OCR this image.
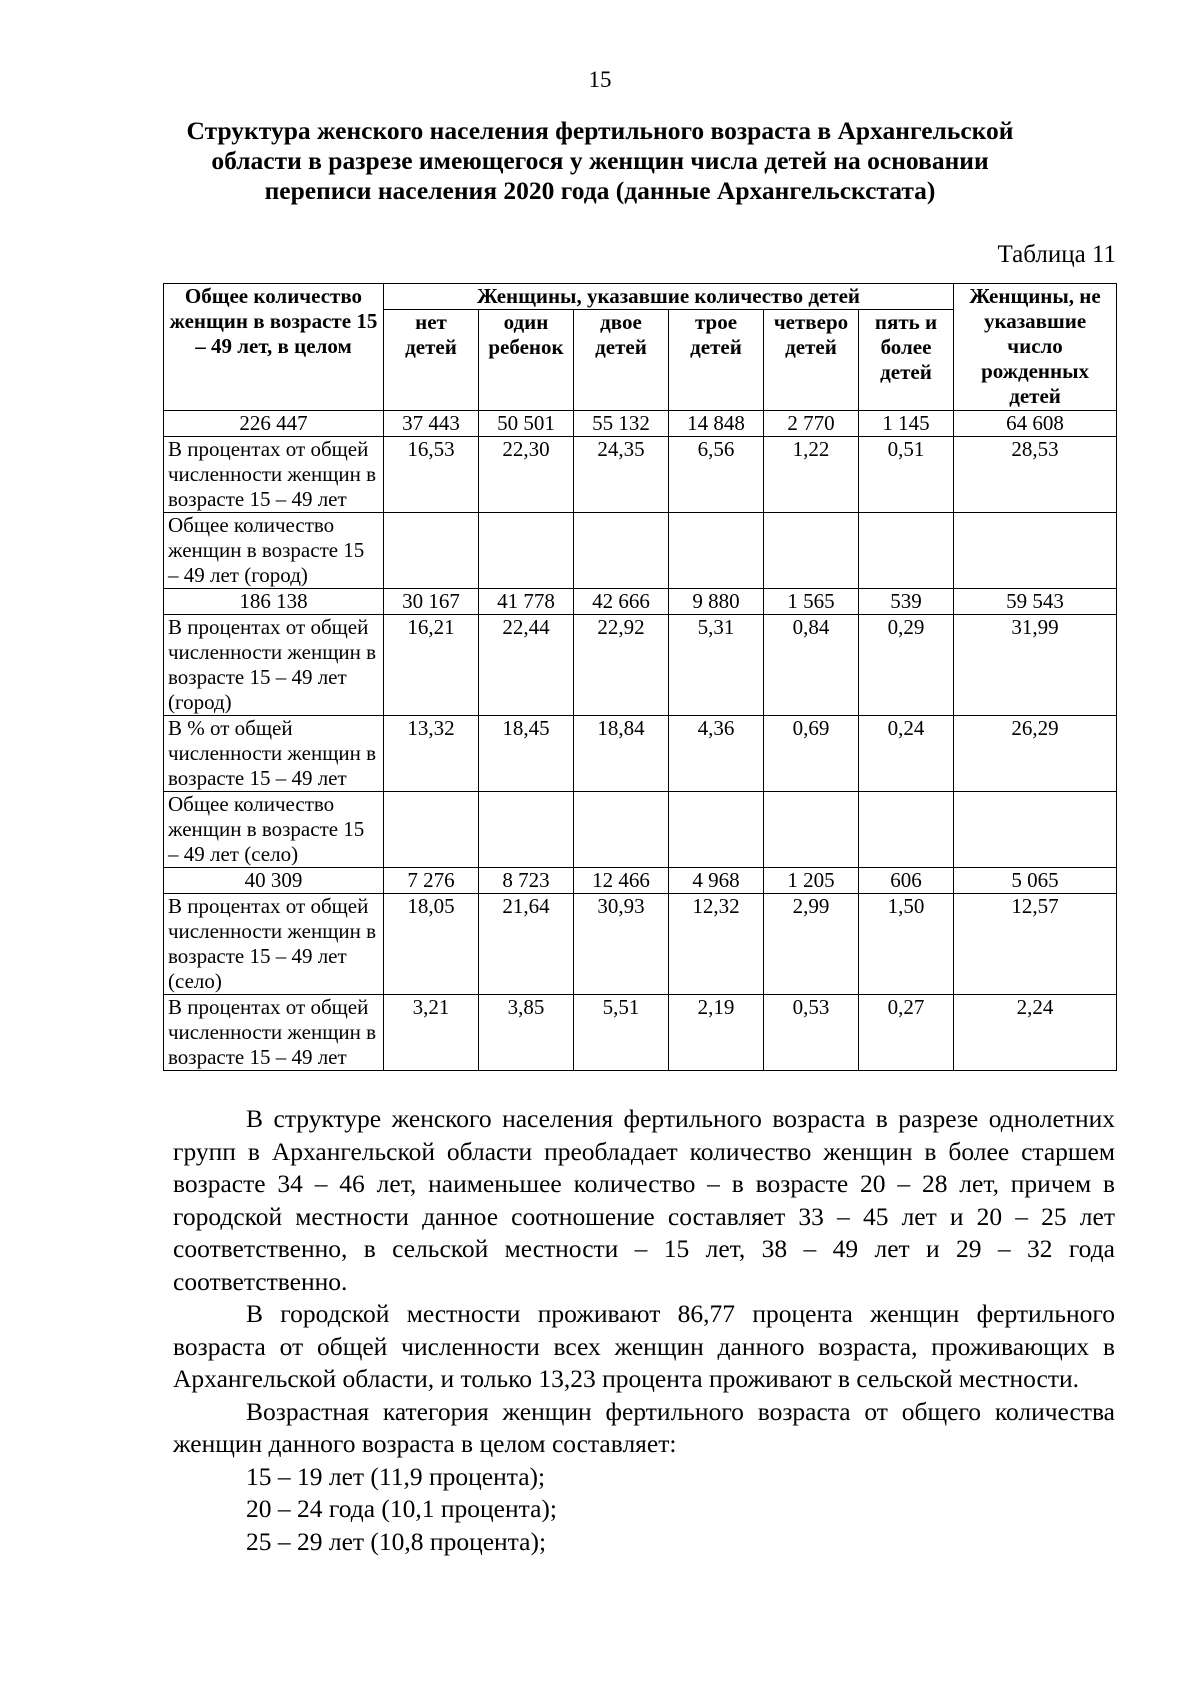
15
Структура женского населения фертильного возраста в Архангельской области в разрезе имеющегося у женщин числа детей на основании переписи населения 2020 года (данные Архангельскстата)
Таблица 11
Общее количество женщин в возрасте 15 – 49 лет, в целом	Женщины, указавшие количество детей						Женщины, не указавшие число рожденных детей
	нет детей	один ребенок	двое детей	трое детей	четверо детей	пять и более детей	
226 447	37 443	50 501	55 132	14 848	2 770	1 145	64 608
В процентах от общей численности женщин в возрасте 15 – 49 лет	16,53	22,30	24,35	6,56	1,22	0,51	28,53
Общее количество женщин в возрасте 15 – 49 лет (город)							
186 138	30 167	41 778	42 666	9 880	1 565	539	59 543
В процентах от общей численности женщин в возрасте 15 – 49 лет (город)	16,21	22,44	22,92	5,31	0,84	0,29	31,99
В % от общей численности женщин в возрасте 15 – 49 лет	13,32	18,45	18,84	4,36	0,69	0,24	26,29
Общее количество женщин в возрасте 15 – 49 лет (село)							
40 309	7 276	8 723	12 466	4 968	1 205	606	5 065
В процентах от общей численности женщин в возрасте 15 – 49 лет (село)	18,05	21,64	30,93	12,32	2,99	1,50	12,57
В процентах от общей численности женщин в возрасте 15 – 49 лет	3,21	3,85	5,51	2,19	0,53	0,27	2,24

В структуре женского населения фертильного возраста в разрезе однолетних групп в Архангельской области преобладает количество женщин в более старшем возрасте 34 – 46 лет, наименьшее количество – в возрасте 20 – 28 лет, причем в городской местности данное соотношение составляет 33 – 45 лет и 20 – 25 лет соответственно, в сельской местности – 15 лет, 38 – 49 лет и 29 – 32 года соответственно.

В городской местности проживают 86,77 процента женщин фертильного возраста от общей численности всех женщин данного возраста, проживающих в Архангельской области, и только 13,23 процента проживают в сельской местности.

Возрастная категория женщин фертильного возраста от общего количества женщин данного возраста в целом составляет:

15 – 19 лет (11,9 процента);

20 – 24 года (10,1 процента);

25 – 29 лет (10,8 процента);
